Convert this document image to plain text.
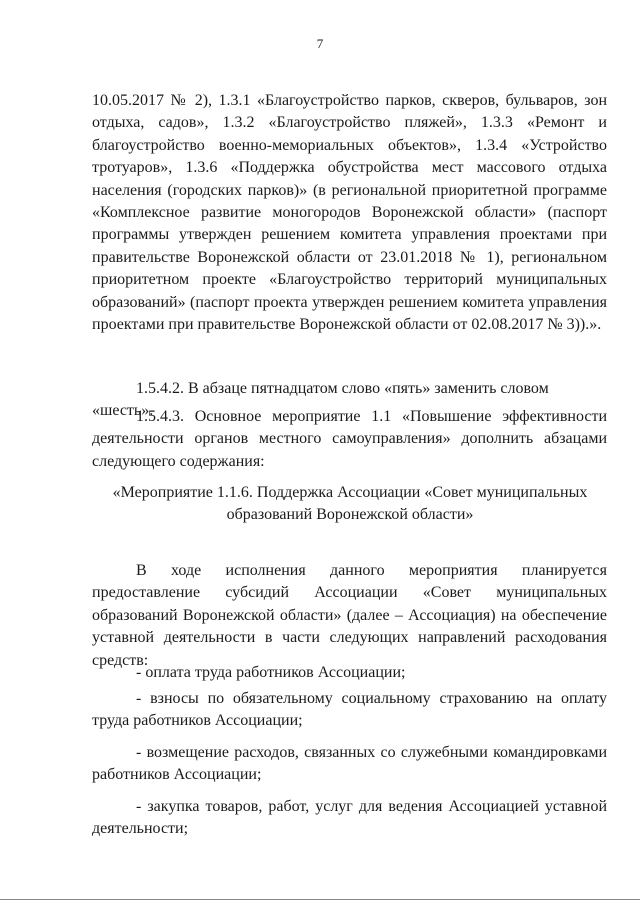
7
10.05.2017 № 2), 1.3.1 «Благоустройство парков, скверов, бульваров, зон отдыха, садов», 1.3.2 «Благоустройство пляжей», 1.3.3 «Ремонт и благоустройство военно-мемориальных объектов», 1.3.4 «Устройство тротуаров», 1.3.6 «Поддержка обустройства мест массового отдыха населения (городских парков)» (в региональной приоритетной программе «Комплексное развитие моногородов Воронежской области» (паспорт программы утвержден решением комитета управления проектами при правительстве Воронежской области от 23.01.2018 № 1), региональном приоритетном проекте «Благоустройство территорий муниципальных образований» (паспорт проекта утвержден решением комитета управления проектами при правительстве Воронежской области от 02.08.2017 № 3)).».
1.5.4.2. В абзаце пятнадцатом слово «пять» заменить словом «шесть».
1.5.4.3. Основное мероприятие 1.1 «Повышение эффективности деятельности органов местного самоуправления» дополнить абзацами следующего содержания:
«Мероприятие 1.1.6. Поддержка Ассоциации «Совет муниципальных образований Воронежской области»
В ходе исполнения данного мероприятия планируется предоставление субсидий Ассоциации «Совет муниципальных образований Воронежской области» (далее – Ассоциация) на обеспечение уставной деятельности в части следующих направлений расходования средств:
- оплата труда работников Ассоциации;
- взносы по обязательному социальному страхованию на оплату труда работников Ассоциации;
- возмещение расходов, связанных со служебными командировками работников Ассоциации;
- закупка товаров, работ, услуг для ведения Ассоциацией уставной деятельности;
